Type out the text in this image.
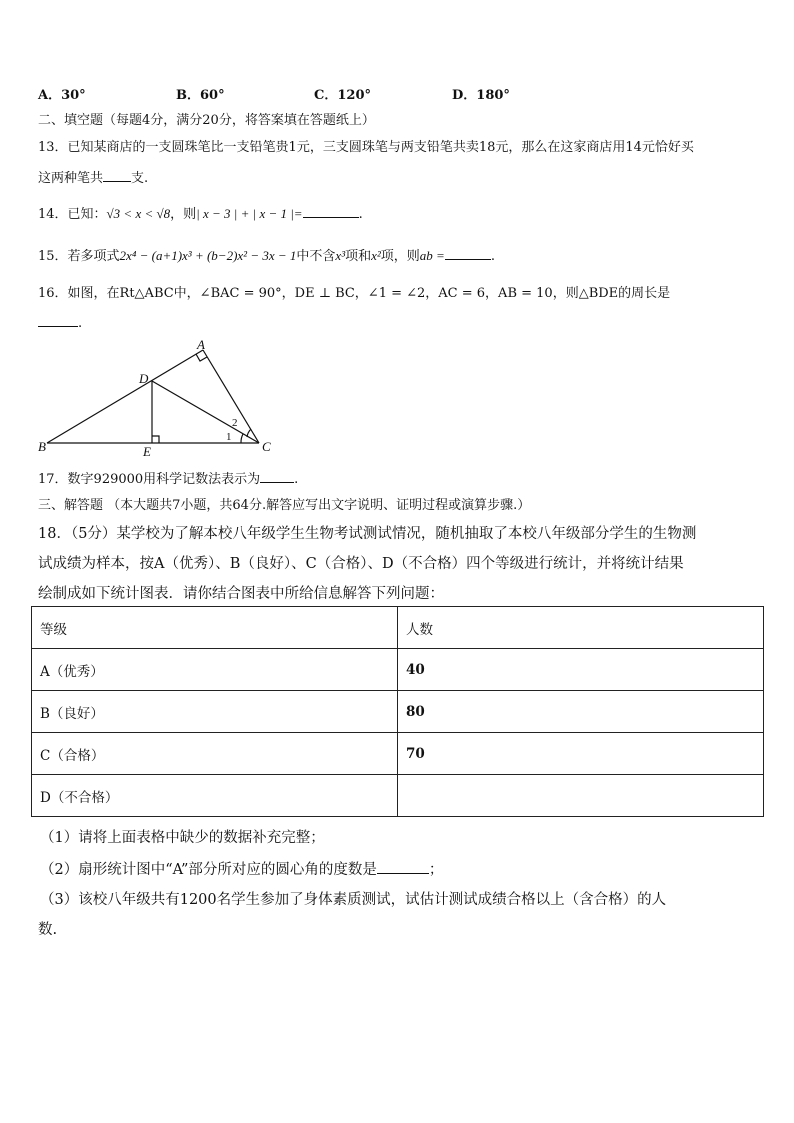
A．30°	B．60°	C．120°	D．180°
二、填空题（每题4分，满分20分，将答案填在答题纸上）
13．已知某商店的一支圆珠笔比一支铅笔贵1元，三支圆珠笔与两支铅笔共卖18元，那么在这家商店用14元恰好买
这两种笔共 支.
14．已知：√3 < x < √8，则| x − 3 | + | x − 1 |=	.
15．若多项式2x⁴ − (a+1)x³ + (b−2)x² − 3x − 1中不含x³项和x²项，则ab =	.
16．如图，在Rt△ABC中，∠BAC = 90°，DE ⊥ BC，∠1 = ∠2，AC = 6，AB = 10，则△BDE的周长是
.
A
D
B	E	C
1
2
17．数字929000用科学记数法表示为	.
三、解答题 （本大题共7小题，共64分.解答应写出文字说明、证明过程或演算步骤.）
18．（5分）某学校为了解本校八年级学生生物考试测试情况，随机抽取了本校八年级部分学生的生物测
试成绩为样本，按A（优秀）、B（良好）、C（合格）、D（不合格）四个等级进行统计，并将统计结果
绘制成如下统计图表．请你结合图表中所给信息解答下列问题：
等级	人数
A（优秀）	40
B（良好）	80
C（合格）	70
D（不合格）	
（1）请将上面表格中缺少的数据补充完整；
（2）扇形统计图中“A”部分所对应的圆心角的度数是	；
（3）该校八年级共有1200名学生参加了身体素质测试，试估计测试成绩合格以上（含合格）的人
数.
